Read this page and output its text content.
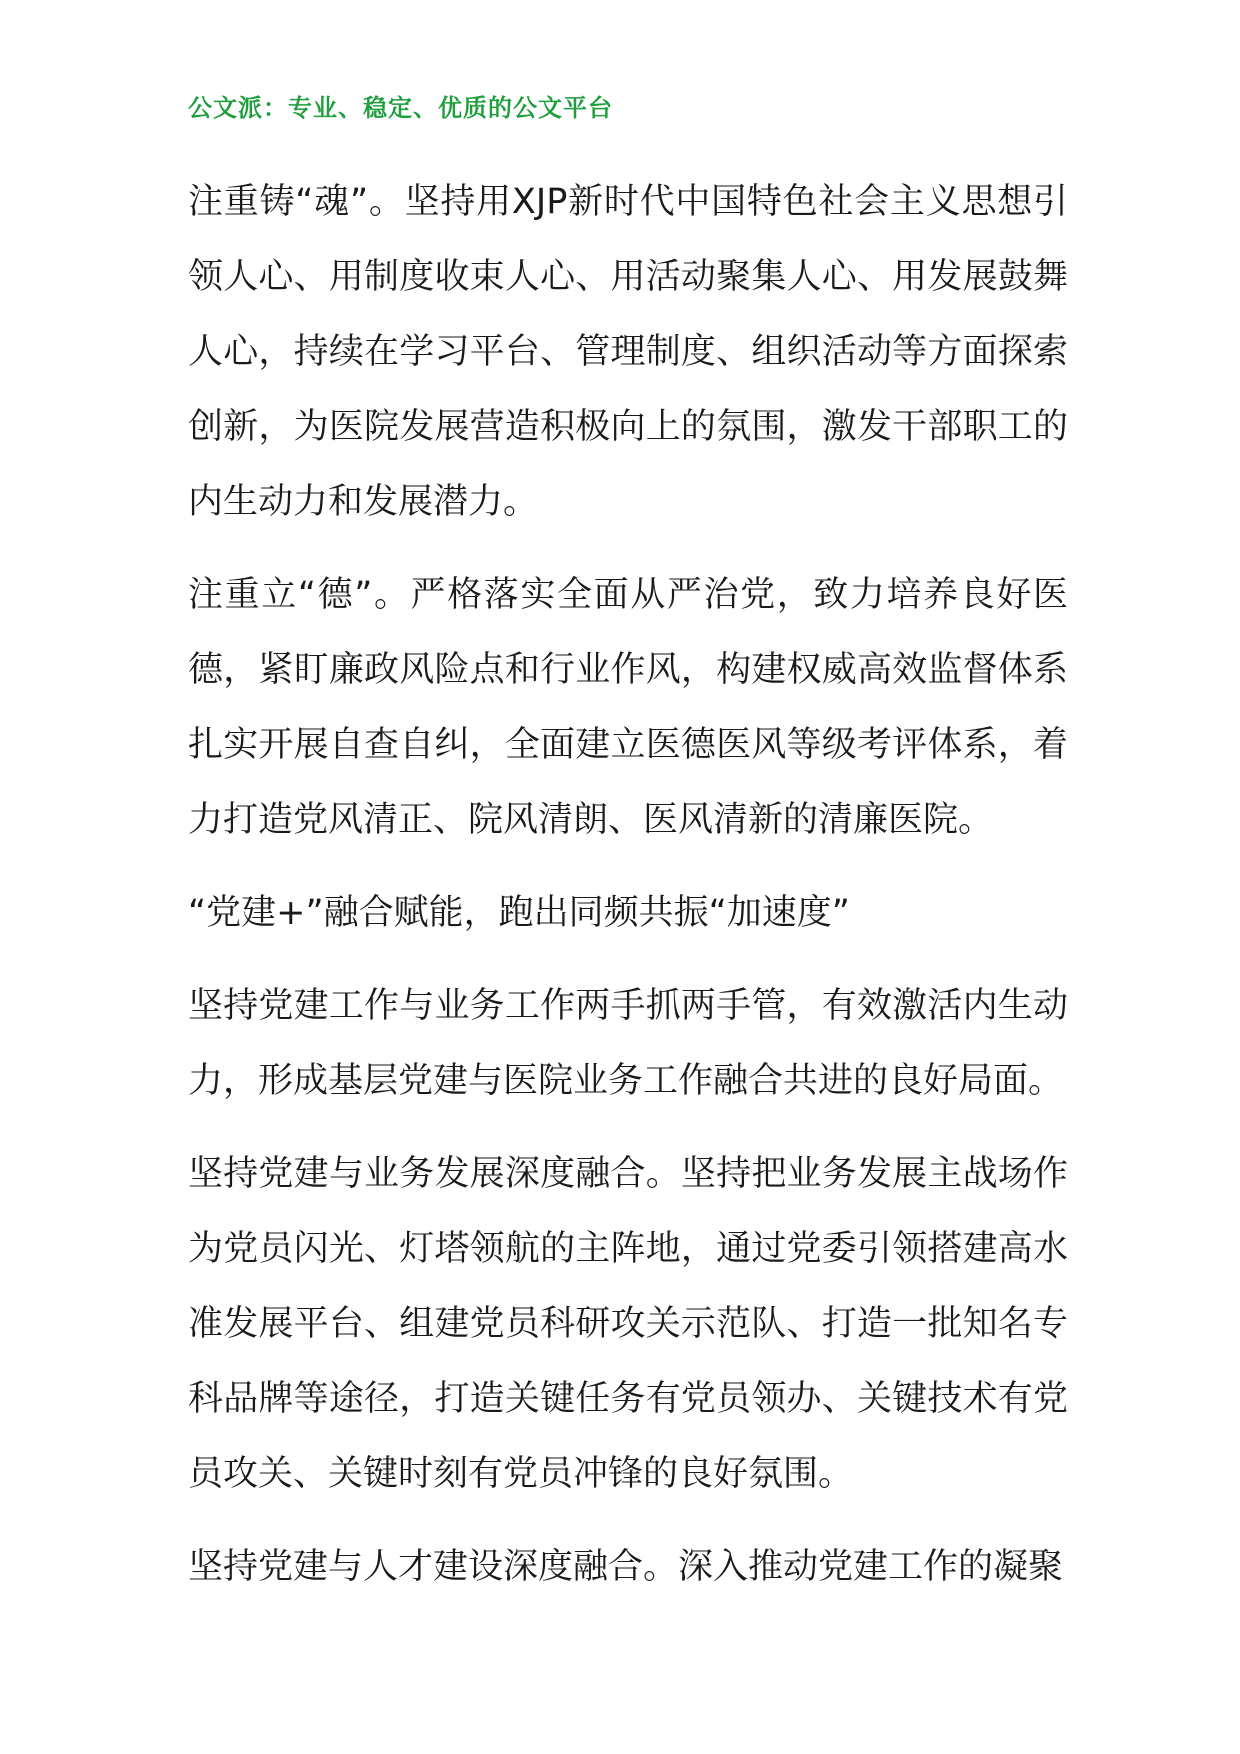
公文派：专业、稳定、优质的公文平台

注重铸“魂”。坚持用XJP新时代中国特色社会主义思想引领人心、用制度收束人心、用活动聚集人心、用发展鼓舞人心，持续在学习平台、管理制度、组织活动等方面探索创新，为医院发展营造积极向上的氛围，激发干部职工的内生动力和发展潜力。

注重立“德”。严格落实全面从严治党，致力培养良好医德，紧盯廉政风险点和行业作风，构建权威高效监督体系扎实开展自查自纠，全面建立医德医风等级考评体系，着力打造党风清正、院风清朗、医风清新的清廉医院。

“党建+”融合赋能，跑出同频共振“加速度”

坚持党建工作与业务工作两手抓两手管，有效激活内生动力，形成基层党建与医院业务工作融合共进的良好局面。

坚持党建与业务发展深度融合。坚持把业务发展主战场作为党员闪光、灯塔领航的主阵地，通过党委引领搭建高水准发展平台、组建党员科研攻关示范队、打造一批知名专科品牌等途径，打造关键任务有党员领办、关键技术有党员攻关、关键时刻有党员冲锋的良好氛围。

坚持党建与人才建设深度融合。深入推动党建工作的凝聚
